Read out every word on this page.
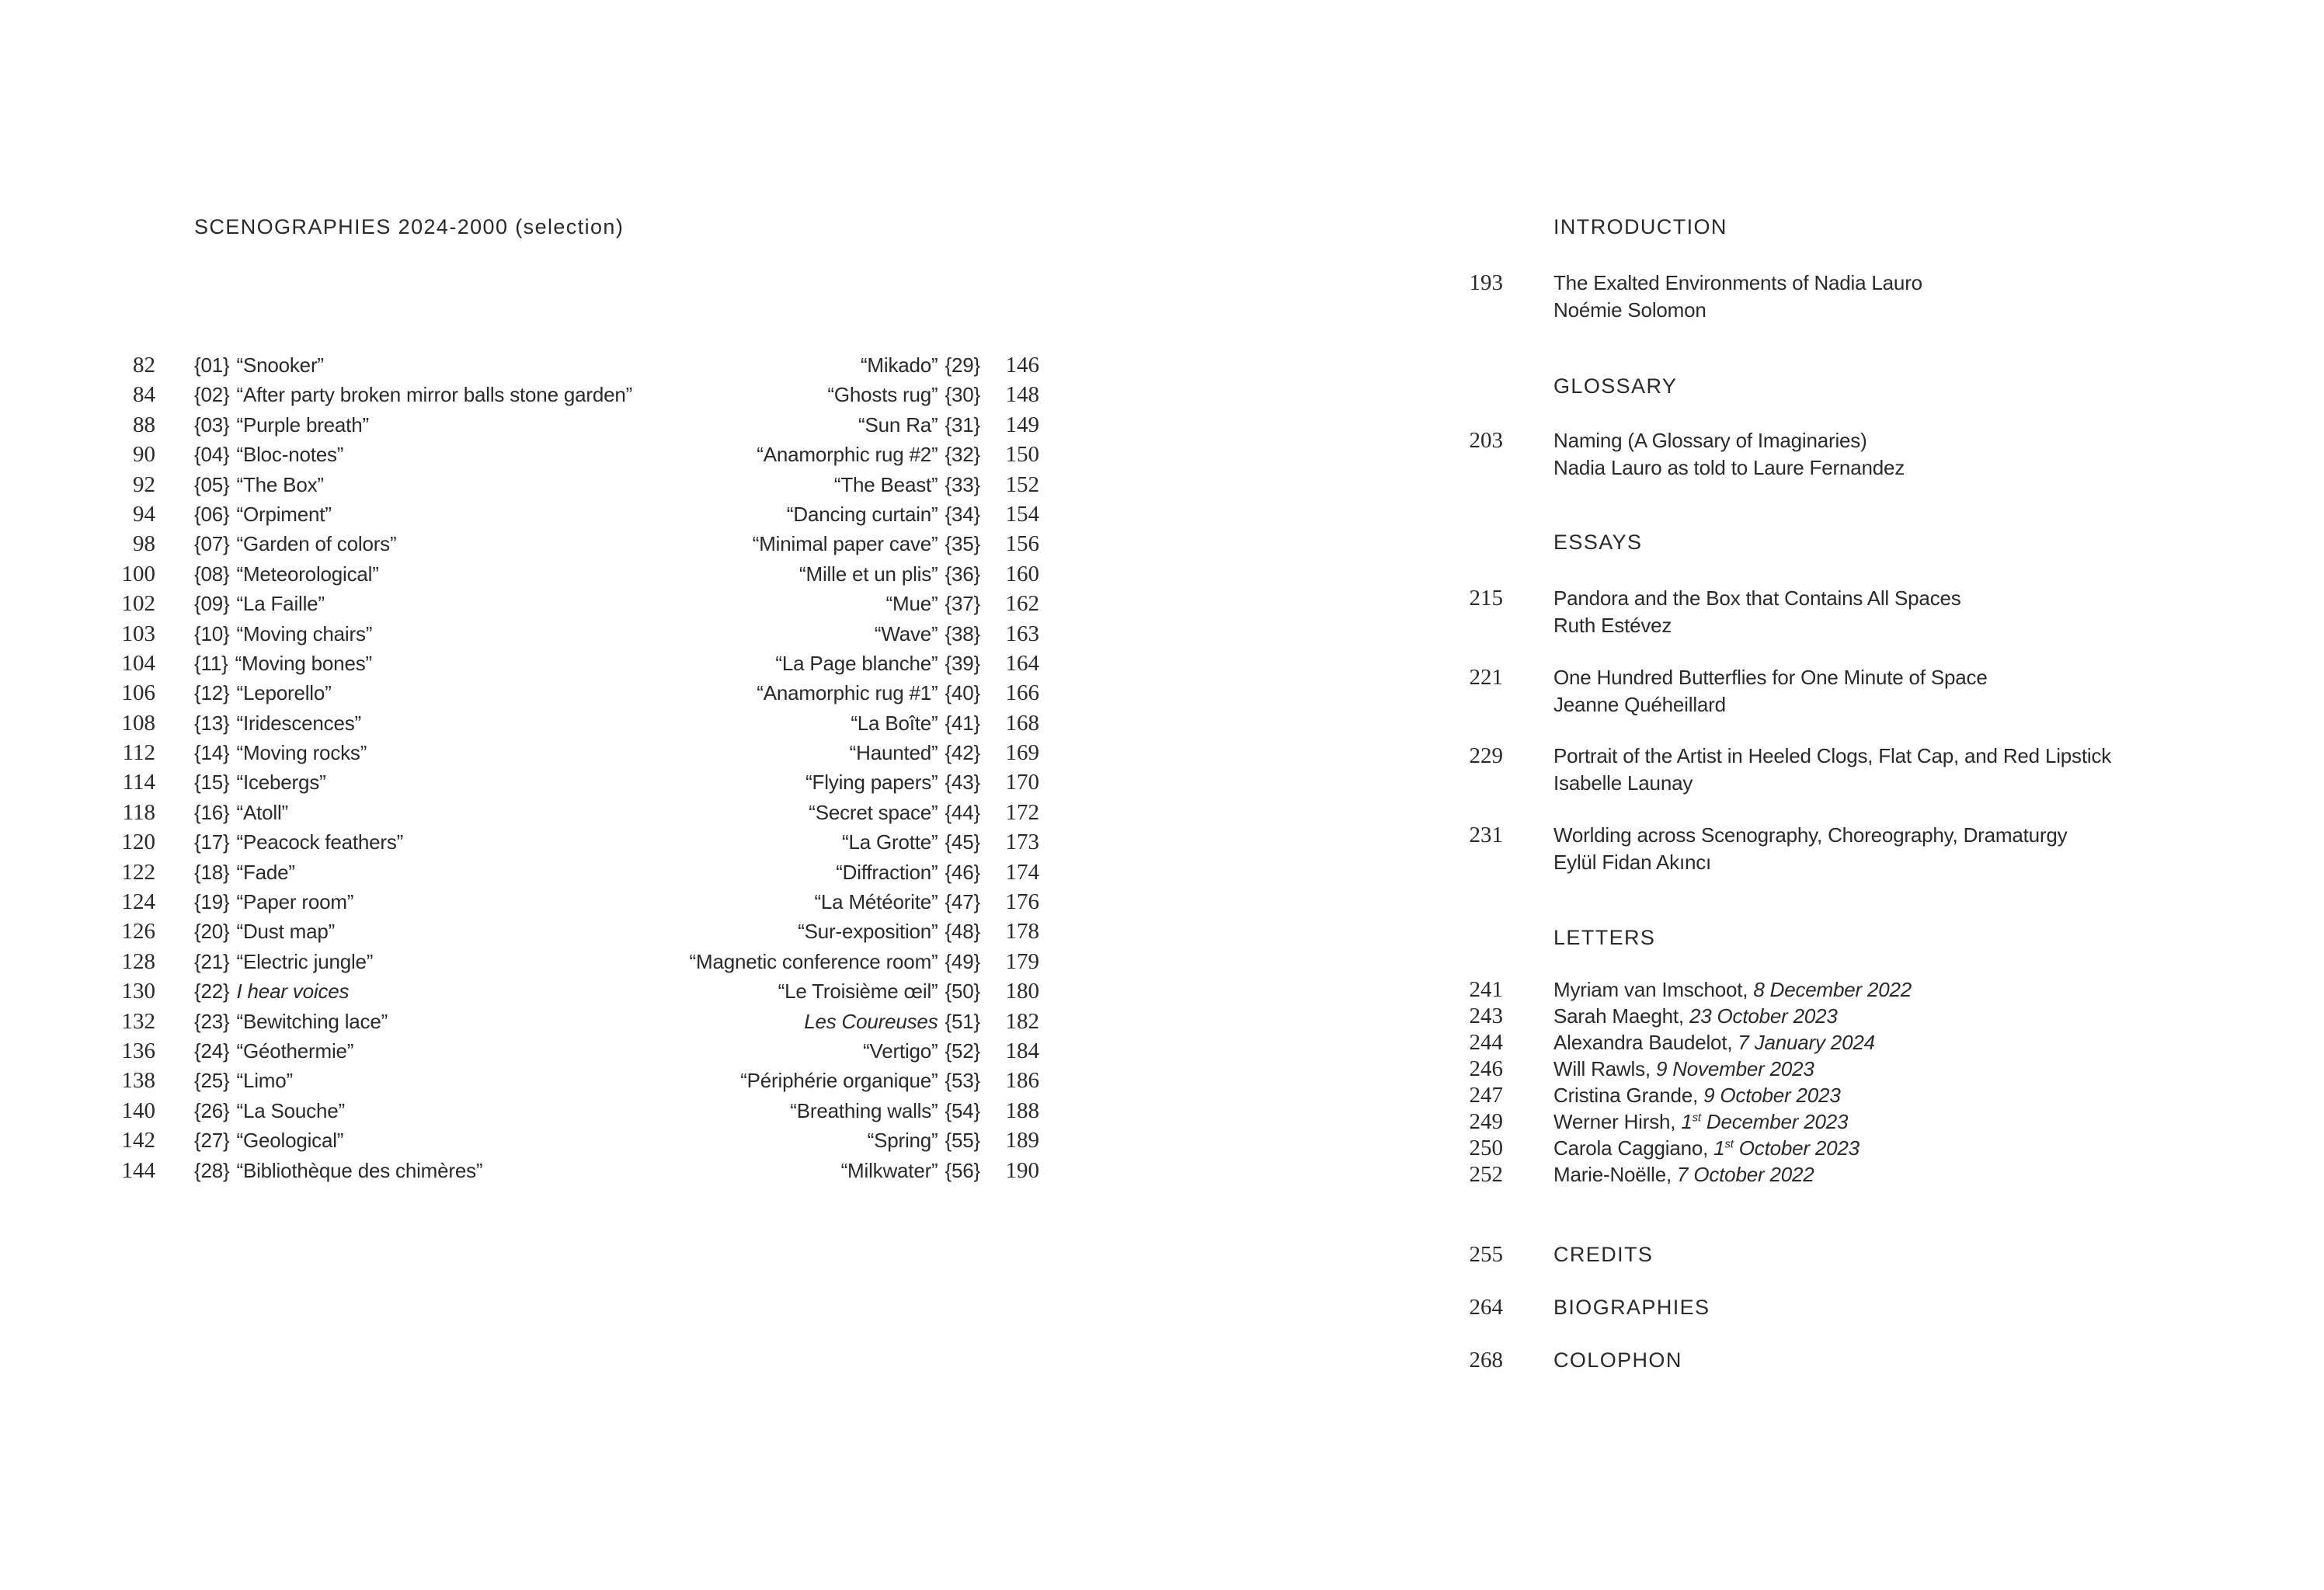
SCENOGRAPHIES 2024-2000 (selection)
82	{01} “Snooker”	“Mikado” {29}	146
84	{02} “After party broken mirror balls stone garden”	“Ghosts rug” {30}	148
88	{03} “Purple breath”	“Sun Ra” {31}	149
90	{04} “Bloc-notes”	“Anamorphic rug #2” {32}	150
92	{05} “The Box”	“The Beast” {33}	152
94	{06} “Orpiment”	“Dancing curtain” {34}	154
98	{07} “Garden of colors”	“Minimal paper cave” {35}	156
100	{08} “Meteorological”	“Mille et un plis” {36}	160
102	{09} “La Faille”	“Mue” {37}	162
103	{10} “Moving chairs”	“Wave” {38}	163
104	{11} “Moving bones”	“La Page blanche” {39}	164
106	{12} “Leporello”	“Anamorphic rug #1” {40}	166
108	{13} “Iridescences”	“La Boîte” {41}	168
112	{14} “Moving rocks”	“Haunted” {42}	169
114	{15} “Icebergs”	“Flying papers” {43}	170
118	{16} “Atoll”	“Secret space” {44}	172
120	{17} “Peacock feathers”	“La Grotte” {45}	173
122	{18} “Fade”	“Diffraction” {46}	174
124	{19} “Paper room”	“La Météorite” {47}	176
126	{20} “Dust map”	“Sur-exposition” {48}	178
128	{21} “Electric jungle”	“Magnetic conference room” {49}	179
130	{22} I hear voices	“Le Troisième œil” {50}	180
132	{23} “Bewitching lace”	Les Coureuses {51}	182
136	{24} “Géothermie”	“Vertigo” {52}	184
138	{25} “Limo”	“Périphérie organique” {53}	186
140	{26} “La Souche”	“Breathing walls” {54}	188
142	{27} “Geological”	“Spring” {55}	189
144	{28} “Bibliothèque des chimères”	“Milkwater” {56}	190
INTRODUCTION
193	The Exalted Environments of Nadia Lauro
Noémie Solomon
GLOSSARY
203	Naming (A Glossary of Imaginaries)
Nadia Lauro as told to Laure Fernandez
ESSAYS
215	Pandora and the Box that Contains All Spaces
Ruth Estévez
221	One Hundred Butterflies for One Minute of Space
Jeanne Quéheillard
229	Portrait of the Artist in Heeled Clogs, Flat Cap, and Red Lipstick
Isabelle Launay
231	Worlding across Scenography, Choreography, Dramaturgy
Eylül Fidan Akıncı
LETTERS
241	Myriam van Imschoot, 8 December 2022
243	Sarah Maeght, 23 October 2023
244	Alexandra Baudelot, 7 January 2024
246	Will Rawls, 9 November 2023
247	Cristina Grande, 9 October 2023
249	Werner Hirsh, 1st December 2023
250	Carola Caggiano, 1st October 2023
252	Marie-Noëlle, 7 October 2022
255 CREDITS
264 BIOGRAPHIES
268 COLOPHON
